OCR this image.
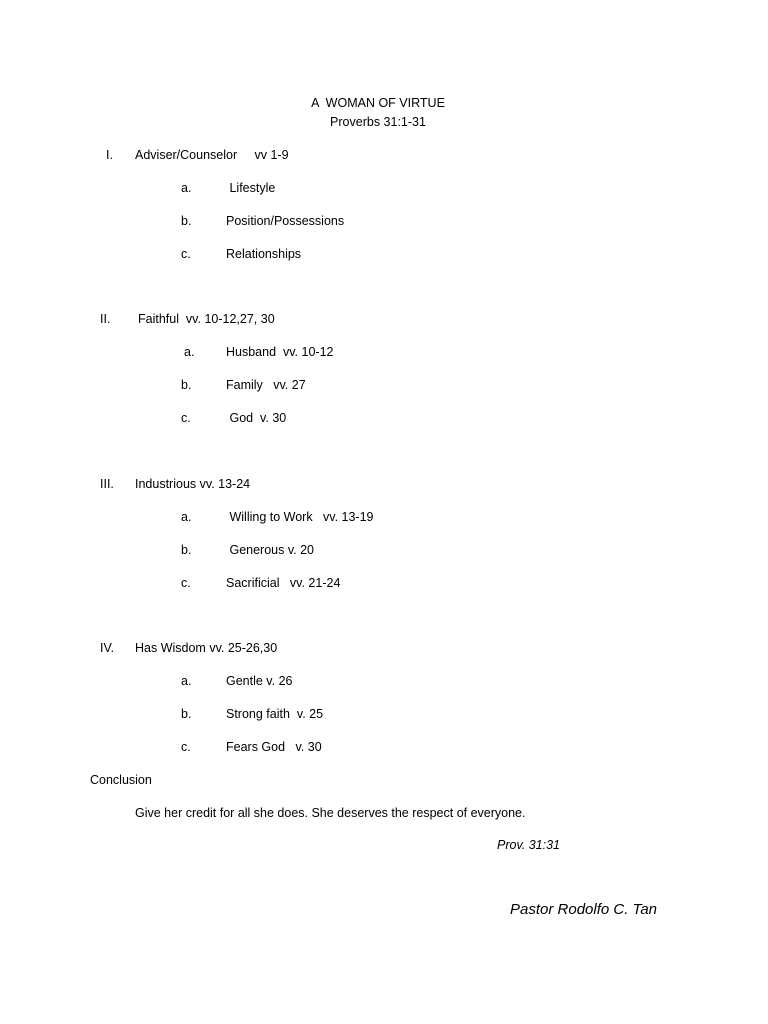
A  WOMAN OF VIRTUE
Proverbs 31:1-31
I. Adviser/Counselor     vv 1-9
a.	Lifestyle
b.	Position/Possessions
c.	Relationships
II. Faithful  vv. 10-12,27, 30
a.	Husband  vv. 10-12
b.	Family   vv. 27
c.	God  v. 30
III. Industrious vv. 13-24
a.	Willing to Work   vv. 13-19
b.	Generous v. 20
c.	Sacrificial   vv. 21-24
IV. Has Wisdom vv. 25-26,30
a.	Gentle v. 26
b.	Strong faith  v. 25
c.	Fears God   v. 30
Conclusion
Give her credit for all she does. She deserves the respect of everyone.
Prov. 31:31
Pastor Rodolfo C. Tan
